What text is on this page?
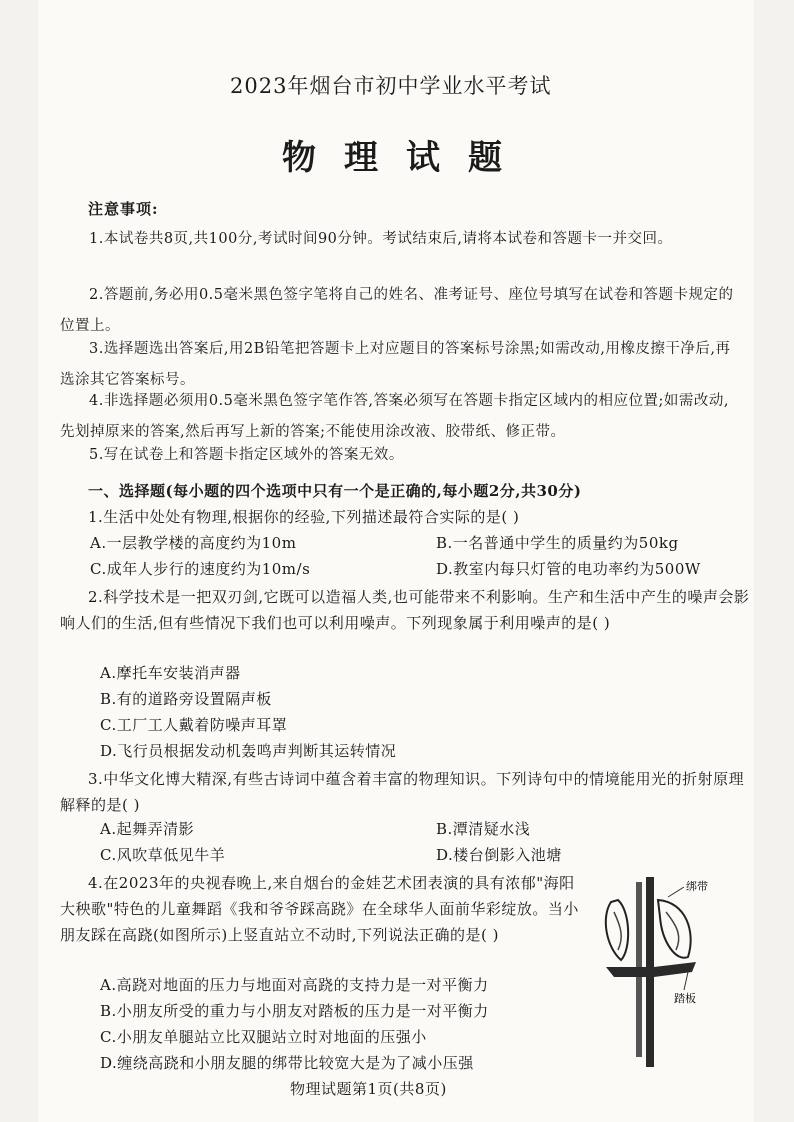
2023年烟台市初中学业水平考试
物理试题
注意事项:
1.本试卷共8页,共100分,考试时间90分钟。考试结束后,请将本试卷和答题卡一并交回。
2.答题前,务必用0.5毫米黑色签字笔将自己的姓名、准考证号、座位号填写在试卷和答题卡规定的位置上。
3.选择题选出答案后,用2B铅笔把答题卡上对应题目的答案标号涂黑;如需改动,用橡皮擦干净后,再选涂其它答案标号。
4.非选择题必须用0.5毫米黑色签字笔作答,答案必须写在答题卡指定区域内的相应位置;如需改动,先划掉原来的答案,然后再写上新的答案;不能使用涂改液、胶带纸、修正带。
5.写在试卷上和答题卡指定区域外的答案无效。
一、选择题(每小题的四个选项中只有一个是正确的,每小题2分,共30分)
1.生活中处处有物理,根据你的经验,下列描述最符合实际的是( )
A.一层教学楼的高度约为10m	B.一名普通中学生的质量约为50kg
C.成年人步行的速度约为10m/s	D.教室内每只灯管的电功率约为500W
2.科学技术是一把双刃剑,它既可以造福人类,也可能带来不利影响。生产和生活中产生的噪声会影响人们的生活,但有些情况下我们也可以利用噪声。下列现象属于利用噪声的是( )
A.摩托车安装消声器
B.有的道路旁设置隔声板
C.工厂工人戴着防噪声耳罩
D.飞行员根据发动机轰鸣声判断其运转情况
3.中华文化博大精深,有些古诗词中蕴含着丰富的物理知识。下列诗句中的情境能用光的折射原理解释的是( )
A.起舞弄清影	B.潭清疑水浅
C.风吹草低见牛羊	D.楼台倒影入池塘
4.在2023年的央视春晚上,来自烟台的金娃艺术团表演的具有浓郁"海阳大秧歌"特色的儿童舞蹈《我和爷爷踩高跷》在全球华人面前华彩绽放。当小朋友踩在高跷(如图所示)上竖直站立不动时,下列说法正确的是( )
A.高跷对地面的压力与地面对高跷的支持力是一对平衡力
B.小朋友所受的重力与小朋友对踏板的压力是一对平衡力
C.小朋友单腿站立比双腿站立时对地面的压强小
D.缠绕高跷和小朋友腿的绑带比较宽大是为了减小压强
绑带
踏板
物理试题第1页(共8页)
